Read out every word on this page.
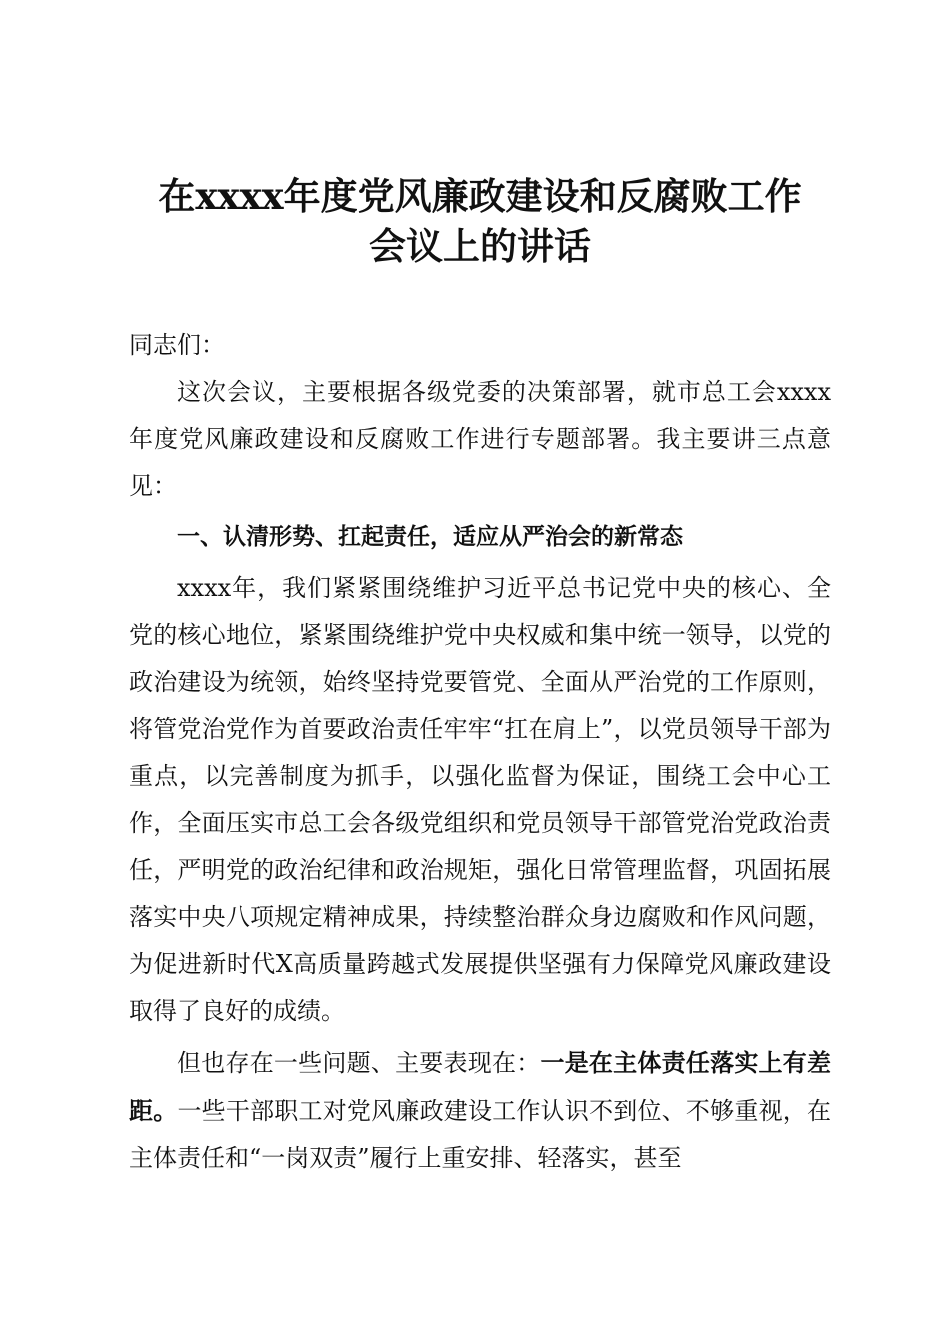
在xxxx年度党风廉政建设和反腐败工作
会议上的讲话

同志们：

这次会议，主要根据各级党委的决策部署，就市总工会xxxx年度党风廉政建设和反腐败工作进行专题部署。我主要讲三点意见：

一、认清形势、扛起责任，适应从严治会的新常态

xxxx年，我们紧紧围绕维护习近平总书记党中央的核心、全党的核心地位，紧紧围绕维护党中央权威和集中统一领导，以党的政治建设为统领，始终坚持党要管党、全面从严治党的工作原则，将管党治党作为首要政治责任牢牢“扛在肩上”，以党员领导干部为重点，以完善制度为抓手，以强化监督为保证，围绕工会中心工作，全面压实市总工会各级党组织和党员领导干部管党治党政治责任，严明党的政治纪律和政治规矩，强化日常管理监督，巩固拓展落实中央八项规定精神成果，持续整治群众身边腐败和作风问题，为促进新时代X高质量跨越式发展提供坚强有力保障党风廉政建设取得了良好的成绩。

但也存在一些问题、主要表现在：一是在主体责任落实上有差距。一些干部职工对党风廉政建设工作认识不到位、不够重视，在主体责任和“一岗双责”履行上重安排、轻落实，甚至
